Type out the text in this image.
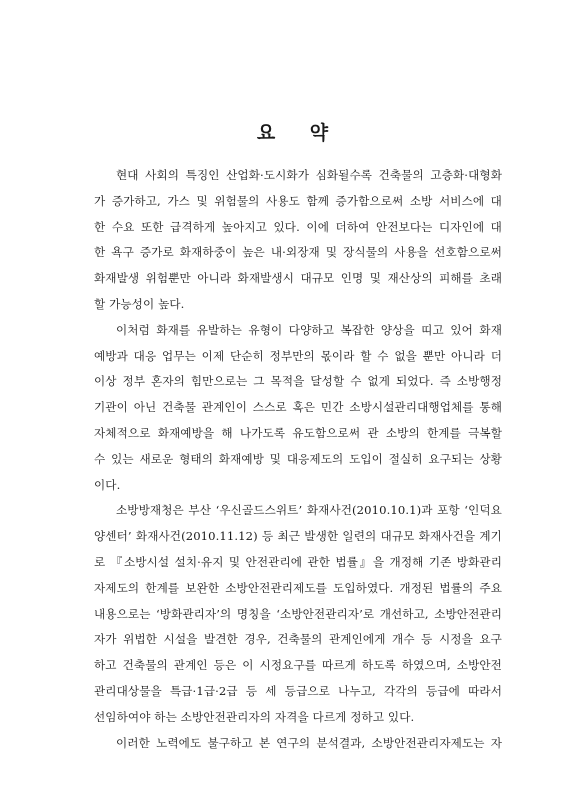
요 약
현대 사회의 특징인 산업화·도시화가 심화될수록 건축물의 고층화·대형화
가 증가하고, 가스 및 위험물의 사용도 함께 증가함으로써 소방 서비스에 대
한 수요 또한 급격하게 높아지고 있다. 이에 더하여 안전보다는 디자인에 대
한 욕구 증가로 화재하중이 높은 내·외장재 및 장식물의 사용을 선호함으로써
화재발생 위험뿐만 아니라 화재발생시 대규모 인명 및 재산상의 피해를 초래
할 가능성이 높다.
이처럼 화재를 유발하는 유형이 다양하고 복잡한 양상을 띠고 있어 화재
예방과 대응 업무는 이제 단순히 정부만의 몫이라 할 수 없을 뿐만 아니라 더
이상 정부 혼자의 힘만으로는 그 목적을 달성할 수 없게 되었다. 즉 소방행정
기관이 아닌 건축물 관계인이 스스로 혹은 민간 소방시설관리대행업체를 통해
자체적으로 화재예방을 해 나가도록 유도함으로써 관 소방의 한계를 극복할
수 있는 새로운 형태의 화재예방 및 대응제도의 도입이 절실히 요구되는 상황
이다.
소방방재청은 부산 ‘우신골드스위트’ 화재사건(2010.10.1)과 포항 ‘인덕요
양센터’ 화재사건(2010.11.12) 등 최근 발생한 일련의 대규모 화재사건을 계기
로 『소방시설 설치·유지 및 안전관리에 관한 법률』을 개정해 기존 방화관리
자제도의 한계를 보완한 소방안전관리제도를 도입하였다. 개정된 법률의 주요
내용으로는 ‘방화관리자’의 명칭을 ‘소방안전관리자’로 개선하고, 소방안전관리
자가 위법한 시설을 발견한 경우, 건축물의 관계인에게 개수 등 시정을 요구
하고 건축물의 관계인 등은 이 시정요구를 따르게 하도록 하였으며, 소방안전
관리대상물을 특급·1급·2급 등 세 등급으로 나누고, 각각의 등급에 따라서
선임하여야 하는 소방안전관리자의 자격을 다르게 정하고 있다.
이러한 노력에도 불구하고 본 연구의 분석결과, 소방안전관리자제도는 자
